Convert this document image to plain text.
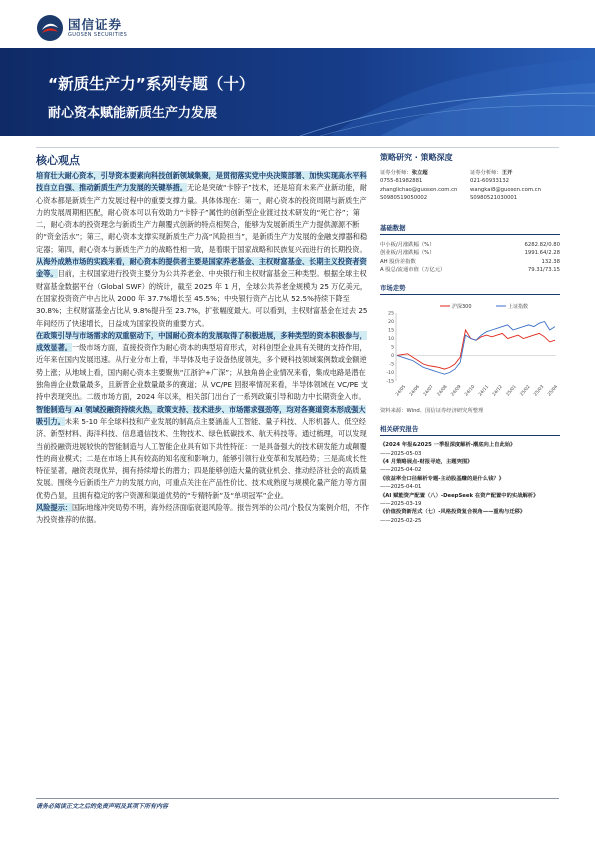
国信证券
GUOSEN SECURITIES
“新质生产力”系列专题（十）
耐心资本赋能新质生产力发展
核心观点

培育壮大耐心资本，引导资本要素向科技创新领域集聚，是贯彻落实党中央决策部署、加快实现高水平科技自立自强、推动新质生产力发展的关键举措。无论是突破“卡脖子”技术，还是培育未来产业新动能，耐心资本都是新质生产力发展过程中的重要支撑力量。具体体现在：第一，耐心资本的投资周期与新质生产力的发展周期相匹配，耐心资本可以有效助力“卡脖子”属性的创新型企业渡过技术研发的“死亡谷”；第二，耐心资本的投资理念与新质生产力颠覆式创新的特点相契合，能够为发展新质生产力提供源源不断的“资金活水”；第三，耐心资本支撑实现新质生产力高“风险担当”，是新质生产力发展的金融支撑器和稳定器；第四，耐心资本与新质生产力的战略性相一致，是着眼于国家战略和民族复兴而进行的长期投资。

从海外成熟市场的实践来看，耐心资本的提供者主要是国家养老基金、主权财富基金、长期主义投资者资金等。目前，主权国家进行投资主要分为公共养老金、中央银行和主权财富基金三种类型。根据全球主权财富基金数据平台（Global SWF）的统计，截至 2025 年 1 月，全球公共养老金规模为 25 万亿美元，在国家投资资产中占比从 2000 年 37.7%增长至 45.5%；中央银行资产占比从 52.5%持续下降至 30.8%；主权财富基金占比从 9.8%提升至 23.7%，扩张幅度最大。可以看到，主权财富基金在过去 25 年间经历了快速增长，日益成为国家投资的重要方式。

在政策引导与市场需求的双重驱动下，中国耐心资本的发展取得了积极进展，多种类型的资本积极参与，成效显著。一级市场方面，直接投资作为耐心资本的典型培育形式，对科创型企业具有关键的支持作用，近年来在国内发展迅速。从行业分布上看，半导体及电子设备热度领先，多个硬科技领域案例数或金额逆势上涨；从地域上看，国内耐心资本主要聚焦“江浙沪+广深”；从独角兽企业情况来看，集成电路是潜在独角兽企业数量最多，且新晋企业数量最多的赛道；从 VC/PE 回报率情况来看，半导体领域在 VC/PE 支持中表现突出。二级市场方面，2024 年以来，相关部门出台了一系列政策引导和助力中长期资金入市。

智能制造与 AI 领域投融资持续火热，政策支持、技术进步、市场需求强劲等，均对各赛道资本形成强大吸引力。未来 5-10 年全球科技和产业发展的制高点主要涵盖人工智能、量子科技、人形机器人、低空经济、新型材料、海洋科技、信息通信技术、生物技术、绿色低碳技术、航天科技等。通过梳理，可以发现当前投融资进展较快的智能制造与人工智能企业具有如下共性特征：一是具备强大的技术研发能力或颠覆性的商业模式；二是在市场上具有较高的知名度和影响力，能够引领行业变革和发展趋势；三是高成长性特征显著，融资表现优异，拥有持续增长的潜力；四是能够创造大量的就业机会、推动经济社会的高质量发展。围绕今后新质生产力的发展方向，可重点关注在产品性价比、技术成熟度与规模化量产能力等方面优势凸显，且拥有稳定的客户资源和渠道优势的“专精特新”及“单项冠军”企业。

风险提示：国际地缘冲突局势不明，海外经济面临衰退风险等。报告列举的公司/个股仅为案例介绍，不作为投资推荐的依据。

策略研究 · 策略深度
证券分析师：张立超
0755-81982881
zhanglichao@guosen.com.cn
S0980519050002
证券分析师：王开
021-60933132
wangkai8@guosen.com.cn
S0980521030001
基础数据
中小板/月涨跌幅（%）	6282.82/0.80
创业板/月涨跌幅（%）	1991.64/2.28
AH 股价差指数	132.38
A 股总/流通市值（万亿元）	79.31/73.15
市场走势
25
20
15
10
5
0
-5
-10
-15
24/05 24/06 24/07 24/08 24/09 24/10 24/11 24/12 25/01 25/02 25/03 25/04
沪深300	上证指数
资料来源：Wind、国信证券经济研究所整理
相关研究报告
《2024 年报&2025 一季报深度解析-潮底向上自此始》
——2025-05-03
《4 月策略展点-财报寻迹，主题突围》
——2025-04-02
《收益率全口径解析专题-主动股基赚的是什么钱？》
——2025-04-01
《AI 赋能资产配置（八）-DeepSeek 在资产配置中的实战解析》
——2025-03-19
《价值投资新范式（七）-风格投资复合视角——重构与迁移》
——2025-02-25
请务必阅读正文之后的免责声明及其项下所有内容
